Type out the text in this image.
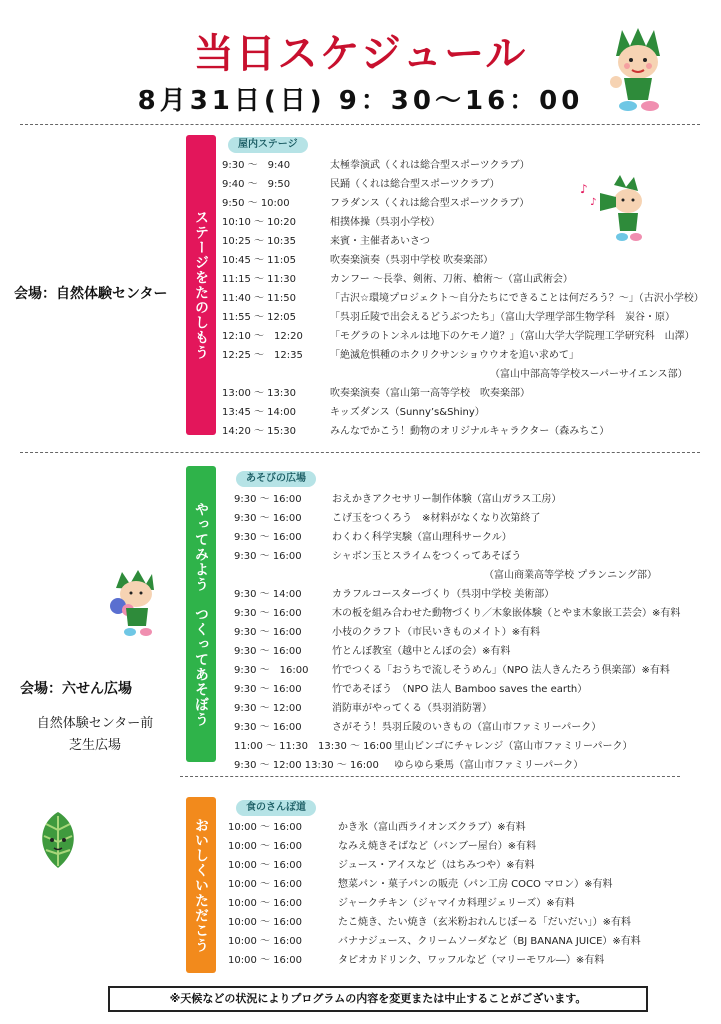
当日スケジュール
8月31日(日) 9：30〜16：00
会場：自然体験センター ステージをたのしもう
屋内ステージ
9:30 〜　9:40	太極拳演武（くれは総合型スポーツクラブ）
9:40 〜　9:50	民踊（くれは総合型スポーツクラブ）
9:50 〜 10:00	フラダンス（くれは総合型スポーツクラブ）
10:10 〜 10:20	相撲体操（呉羽小学校）
10:25 〜 10:35	来賓・主催者あいさつ
10:45 〜 11:05	吹奏楽演奏（呉羽中学校 吹奏楽部）
11:15 〜 11:30	カンフー 〜長拳、剣術、刀術、槍術〜（富山武術会）
11:40 〜 11:50	「古沢☆環境プロジェクト〜自分たちにできることは何だろう？〜」（古沢小学校）
11:55 〜 12:05	「呉羽丘陵で出会えるどうぶつたち」（富山大学理学部生物学科　炭谷・原）
12:10 〜　12:20	「モグラのトンネルは地下のケモノ道？」（富山大学大学院理工学研究科　山澤）
12:25 〜　12:35	「絶滅危惧種のホクリクサンショウウオを追い求めて」
（富山中部高等学校スーパーサイエンス部）
13:00 〜 13:30	吹奏楽演奏（富山第一高等学校　吹奏楽部）
13:45 〜 14:00	キッズダンス（Sunny’s&Shiny）
14:20 〜 15:30	みんなでかこう！動物のオリジナルキャラクター（森みちこ）
♪
♪
会場：六せん広場
自然体験センター前
芝生広場
やってみよう　つくってあそぼう
あそびの広場
9:30 〜 16:00	おえかきアクセサリー制作体験（富山ガラス工房）
9:30 〜 16:00	こげ玉をつくろう　※材料がなくなり次第終了
9:30 〜 16:00	わくわく科学実験（富山理科サークル）
9:30 〜 16:00	シャボン玉とスライムをつくってあそぼう
（富山商業高等学校 プランニング部）
9:30 〜 14:00	カラフルコースターづくり（呉羽中学校 美術部）
9:30 〜 16:00	木の板を組み合わせた動物づくり／木象嵌体験（とやま木象嵌工芸会）※有料
9:30 〜 16:00	小枝のクラフト（市民いきものメイト）※有料
9:30 〜 16:00	竹とんぼ教室（越中とんぼの会）※有料
9:30 〜　16:00 竹でつくる「おうちで流しそうめん」（NPO 法人きんたろう倶楽部）※有料
9:30 〜 16:00	竹であそぼう　（NPO 法人 Bamboo saves the earth）
9:30 〜 12:00	消防車がやってくる（呉羽消防署）
9:30 〜 16:00	さがそう！呉羽丘陵のいきもの（富山市ファミリーパーク）
11:00 〜 11:30　13:30 〜 16:00 里山ビンゴにチャレンジ（富山市ファミリーパーク）
9:30 〜 12:00 13:30 〜 16:00 ゆらゆら乗馬（富山市ファミリーパーク）
おいしくいただこう
食のさんぽ道
10:00 〜 16:00	かき氷（富山西ライオンズクラブ）※有料
10:00 〜 16:00	なみえ焼きそばなど（バンブー屋台）※有料
10:00 〜 16:00	ジュース・アイスなど（はちみつや）※有料
10:00 〜 16:00	惣菜パン・菓子パンの販売（パン工房 COCO マロン）※有料
10:00 〜 16:00	ジャークチキン（ジャマイカ料理ジェリーズ）※有料
10:00 〜 16:00	たこ焼き、たい焼き（玄米粉おれんじぼーる「だいだい」）※有料
10:00 〜 16:00	バナナジュース、クリームソーダなど（BJ BANANA JUICE）※有料
10:00 〜 16:00	タピオカドリンク、ワッフルなど（マリーモワル―）※有料
※天候などの状況によりプログラムの内容を変更または中止することがございます。
